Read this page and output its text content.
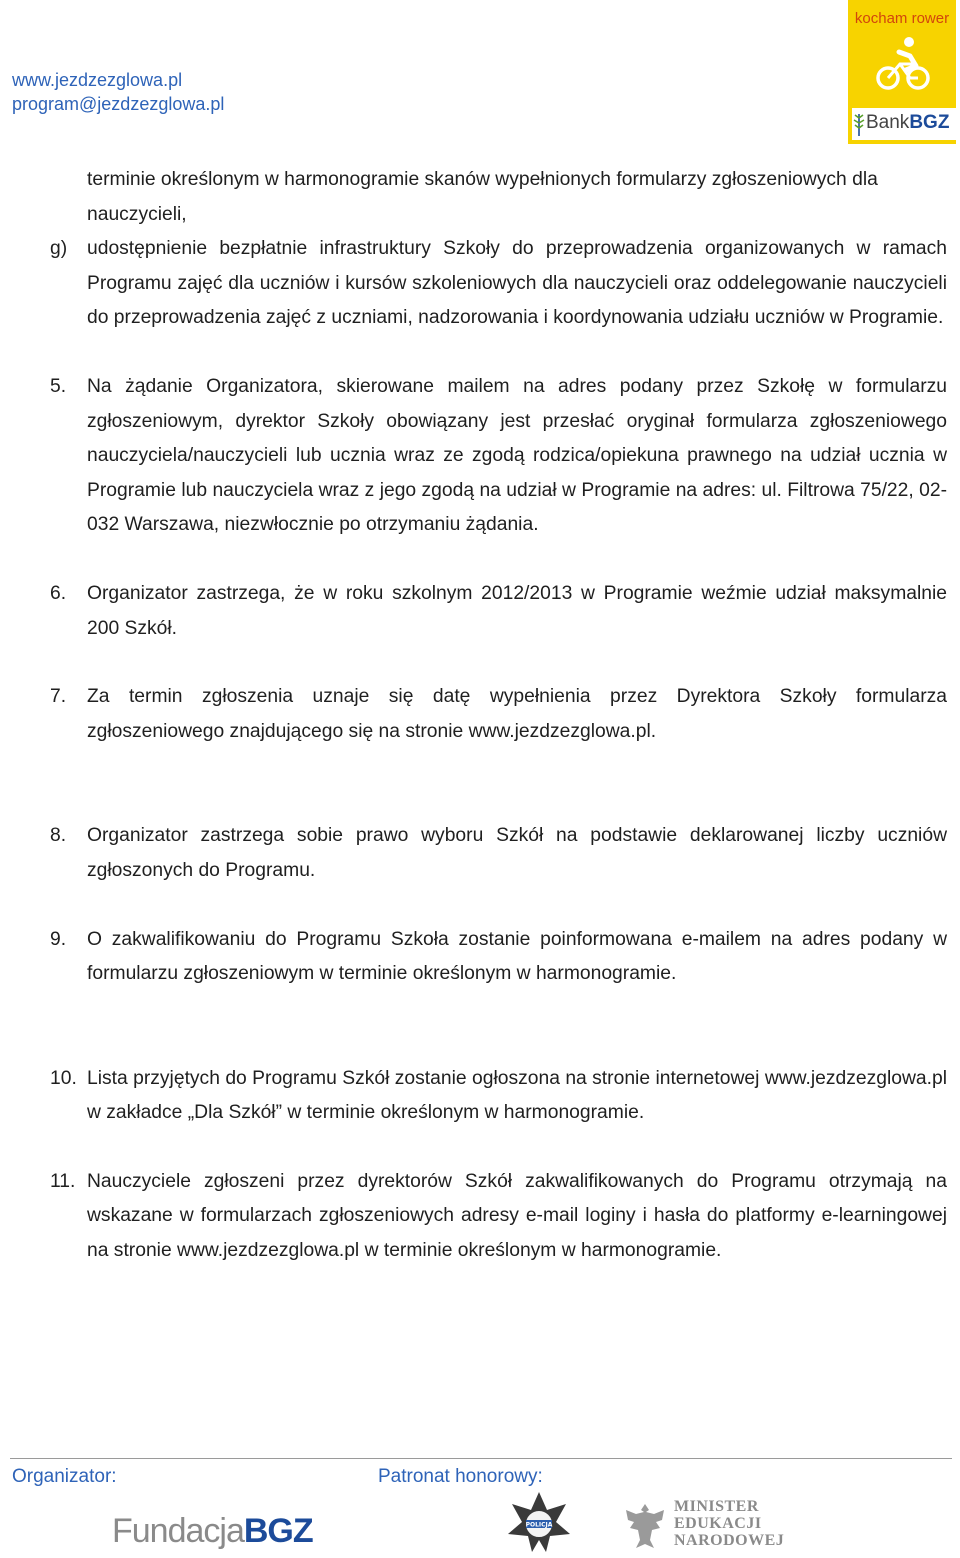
www.jezdzezglowa.pl
program@jezdzezglowa.pl
kocham rower
BankBGZ
terminie określonym w harmonogramie skanów wypełnionych formularzy zgłoszeniowych dla nauczycieli,
g) udostępnienie bezpłatnie infrastruktury Szkoły do przeprowadzenia organizowanych w ramach Programu zajęć dla uczniów i kursów szkoleniowych dla nauczycieli oraz oddelegowanie nauczycieli do przeprowadzenia zajęć z uczniami, nadzorowania i koordynowania udziału uczniów w Programie.
5. Na żądanie Organizatora, skierowane mailem na adres podany przez Szkołę w formularzu zgłoszeniowym, dyrektor Szkoły obowiązany jest przesłać oryginał formularza zgłoszeniowego nauczyciela/nauczycieli lub ucznia wraz ze zgodą rodzica/opiekuna prawnego na udział ucznia w Programie lub nauczyciela wraz z jego zgodą na udział w Programie na adres: ul. Filtrowa 75/22, 02-032 Warszawa, niezwłocznie po otrzymaniu żądania.
6. Organizator zastrzega, że w roku szkolnym 2012/2013 w Programie weźmie udział maksymalnie 200 Szkół.
7. Za termin zgłoszenia uznaje się datę wypełnienia przez Dyrektora Szkoły formularza zgłoszeniowego znajdującego się na stronie www.jezdzezglowa.pl.
8. Organizator zastrzega sobie prawo wyboru Szkół na podstawie deklarowanej liczby uczniów zgłoszonych do Programu.
9. O zakwalifikowaniu do Programu Szkoła zostanie poinformowana e-mailem na adres podany w formularzu zgłoszeniowym w terminie określonym w harmonogramie.
10. Lista przyjętych do Programu Szkół zostanie ogłoszona na stronie internetowej www.jezdzezglowa.pl w zakładce „Dla Szkół” w terminie określonym w harmonogramie.
11. Nauczyciele zgłoszeni przez dyrektorów Szkół zakwalifikowanych do Programu otrzymają na wskazane w formularzach zgłoszeniowych adresy e-mail loginy i hasła do platformy e-learningowej na stronie www.jezdzezglowa.pl w terminie określonym w harmonogramie.
Organizator:	Patronat honorowy:
FundacjaBGZ	POLICJA
MINISTER
EDUKACJI
NARODOWEJ
